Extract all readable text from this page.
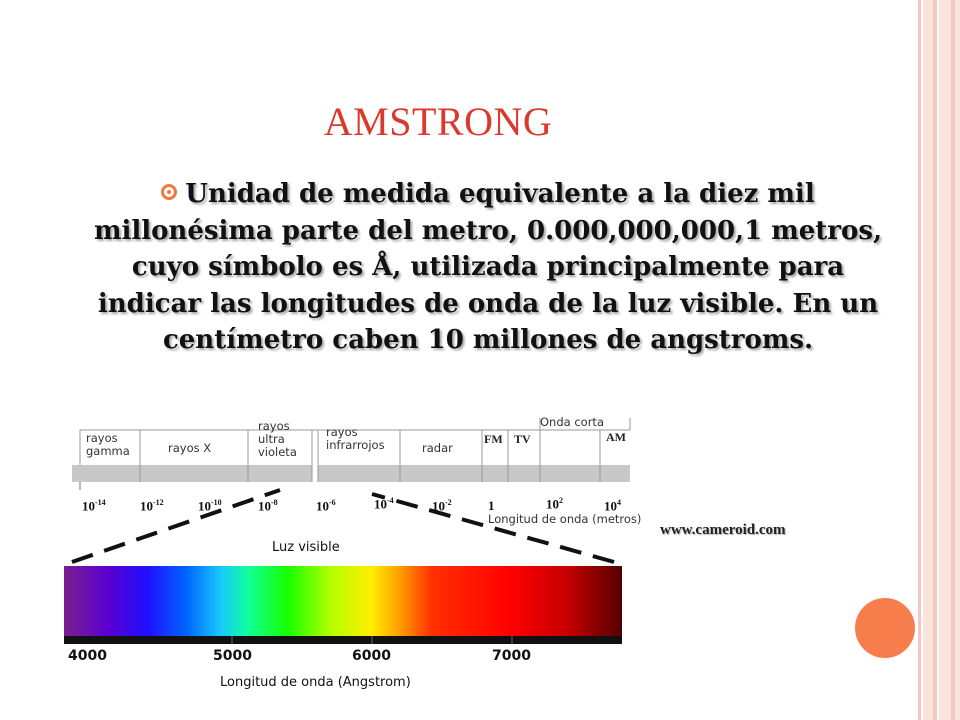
AMSTRONG
Unidad de medida equivalente a la diez mil millonésima parte del metro, 0.000,000,000,1 metros, cuyo símbolo es Å, utilizada principalmente para indicar las longitudes de onda de la luz visible. En un centímetro caben 10 millones de angstroms.
rayos
gamma	rayos X
rayos
ultra
violeta
rayos
infrarrojos	radar
FM TV	AM
Onda corta
$10^{-14}$	$10^{-12}$	$10^{-10}$	$10^{-8}$	$10^{-6}$	$10^{-4}$	$10^{-2}$	1	$10^2$	$10^4$
Longitud de onda (metros)
www.cameroid.com
Luz visible
4000	5000	6000	7000
Longitud de onda (Angstrom)
